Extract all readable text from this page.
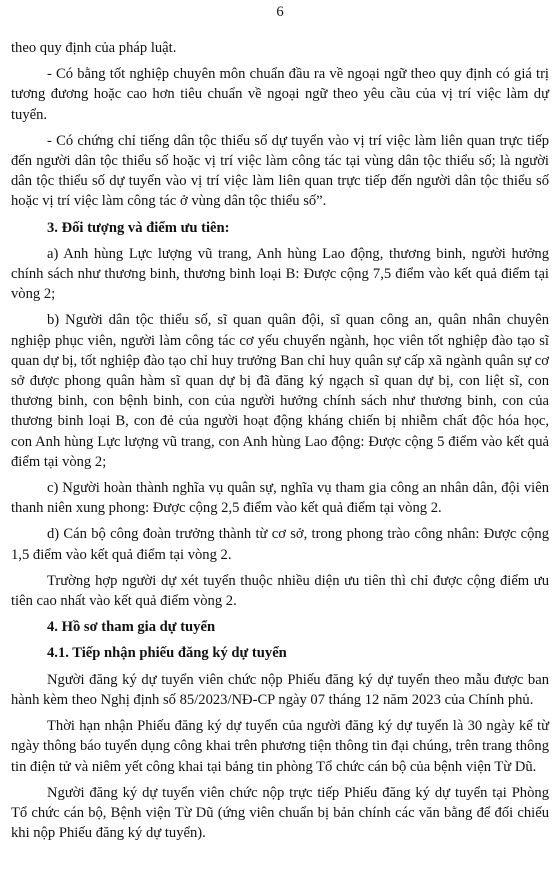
6

theo quy định của pháp luật.

- Có bằng tốt nghiệp chuyên môn chuẩn đầu ra về ngoại ngữ theo quy định có giá trị tương đương hoặc cao hơn tiêu chuẩn về ngoại ngữ theo yêu cầu của vị trí việc làm dự tuyển.

- Có chứng chỉ tiếng dân tộc thiểu số dự tuyển vào vị trí việc làm liên quan trực tiếp đến người dân tộc thiểu số hoặc vị trí việc làm công tác tại vùng dân tộc thiểu số; là người dân tộc thiểu số dự tuyển vào vị trí việc làm liên quan trực tiếp đến người dân tộc thiểu số hoặc vị trí việc làm công tác ở vùng dân tộc thiểu số”.

3. Đối tượng và điểm ưu tiên:

a) Anh hùng Lực lượng vũ trang, Anh hùng Lao động, thương binh, người hưởng chính sách như thương binh, thương binh loại B: Được cộng 7,5 điểm vào kết quả điểm tại vòng 2;

b) Người dân tộc thiểu số, sĩ quan quân đội, sĩ quan công an, quân nhân chuyên nghiệp phục viên, người làm công tác cơ yếu chuyển ngành, học viên tốt nghiệp đào tạo sĩ quan dự bị, tốt nghiệp đào tạo chỉ huy trưởng Ban chỉ huy quân sự cấp xã ngành quân sự cơ sở được phong quân hàm sĩ quan dự bị đã đăng ký ngạch sĩ quan dự bị, con liệt sĩ, con thương binh, con bệnh binh, con của người hưởng chính sách như thương binh, con của thương binh loại B, con đẻ của người hoạt động kháng chiến bị nhiễm chất độc hóa học, con Anh hùng Lực lượng vũ trang, con Anh hùng Lao động: Được cộng 5 điểm vào kết quả điểm tại vòng 2;

c) Người hoàn thành nghĩa vụ quân sự, nghĩa vụ tham gia công an nhân dân, đội viên thanh niên xung phong: Được cộng 2,5 điểm vào kết quả điểm tại vòng 2.

d) Cán bộ công đoàn trưởng thành từ cơ sở, trong phong trào công nhân: Được cộng 1,5 điểm vào kết quả điểm tại vòng 2.

Trường hợp người dự xét tuyển thuộc nhiều diện ưu tiên thì chỉ được cộng điểm ưu tiên cao nhất vào kết quả điểm vòng 2.

4. Hồ sơ tham gia dự tuyển
4.1. Tiếp nhận phiếu đăng ký dự tuyển

Người đăng ký dự tuyển viên chức nộp Phiếu đăng ký dự tuyển theo mẫu được ban hành kèm theo Nghị định số 85/2023/NĐ-CP ngày 07 tháng 12 năm 2023 của Chính phủ.

Thời hạn nhận Phiếu đăng ký dự tuyển của người đăng ký dự tuyển là 30 ngày kể từ ngày thông báo tuyển dụng công khai trên phương tiện thông tin đại chúng, trên trang thông tin điện tử và niêm yết công khai tại bảng tin phòng Tổ chức cán bộ của bệnh viện Từ Dũ.

Người đăng ký dự tuyển viên chức nộp trực tiếp Phiếu đăng ký dự tuyển tại Phòng Tổ chức cán bộ, Bệnh viện Từ Dũ (ứng viên chuẩn bị bản chính các văn bằng để đối chiếu khi nộp Phiếu đăng ký dự tuyển).
